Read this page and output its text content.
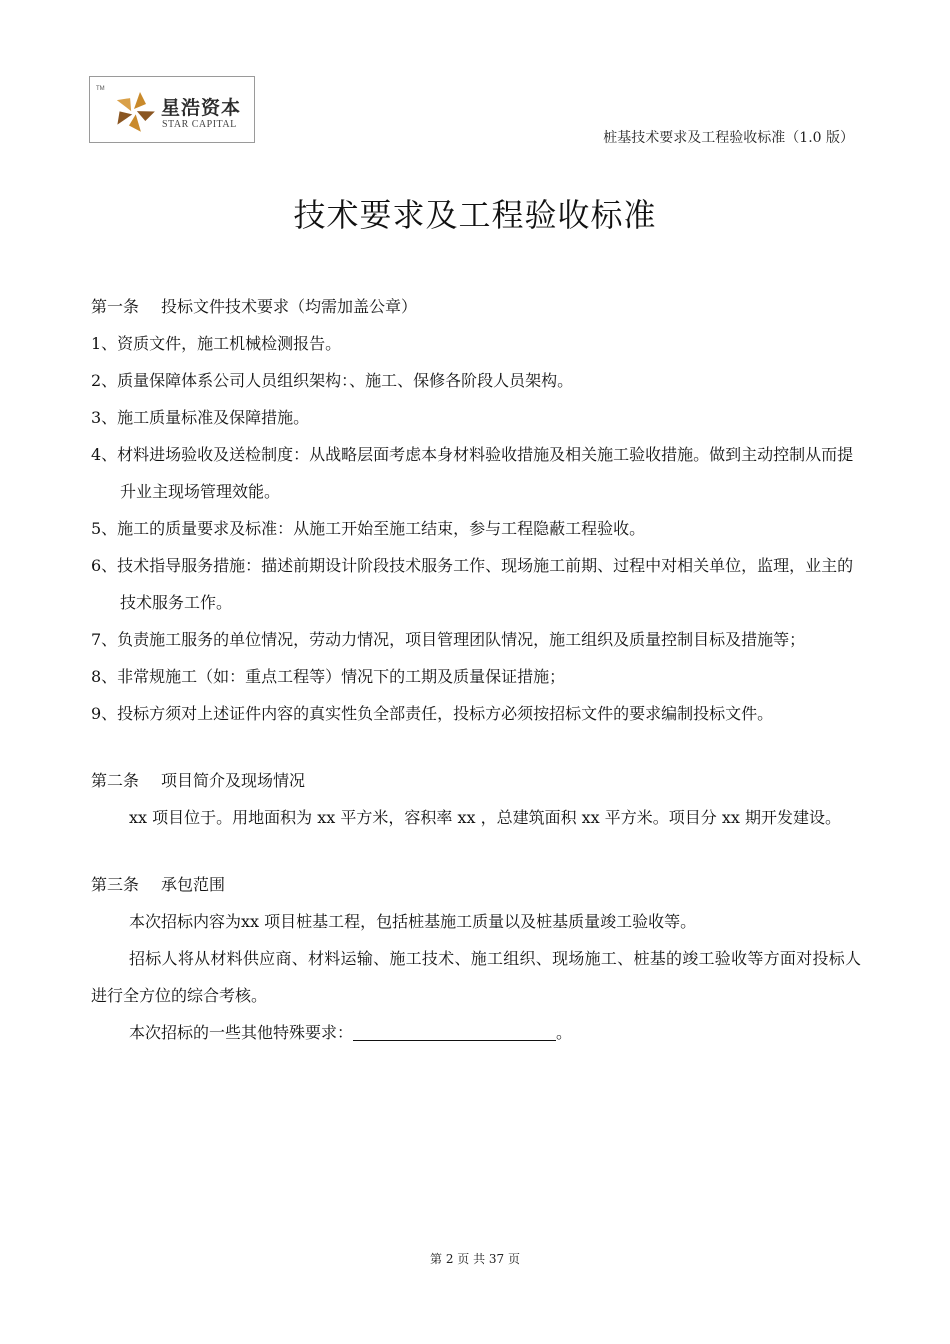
TM
星浩资本
STAR CAPITAL
桩基技术要求及工程验收标准（1.0 版）
技术要求及工程验收标准
第一条 投标文件技术要求（均需加盖公章）
1、资质文件，施工机械检测报告。
2、质量保障体系公司人员组织架构：、施工、保修各阶段人员架构。
3、施工质量标准及保障措施。
4、材料进场验收及送检制度：从战略层面考虑本身材料验收措施及相关施工验收措施。做到主动控制从而提升业主现场管理效能。
5、施工的质量要求及标准：从施工开始至施工结束，参与工程隐蔽工程验收。
6、技术指导服务措施：描述前期设计阶段技术服务工作、现场施工前期、过程中对相关单位，监理，业主的技术服务工作。
7、负责施工服务的单位情况，劳动力情况，项目管理团队情况，施工组织及质量控制目标及措施等；
8、非常规施工（如：重点工程等）情况下的工期及质量保证措施；
9、投标方须对上述证件内容的真实性负全部责任，投标方必须按招标文件的要求编制投标文件。
第二条 项目简介及现场情况
xx 项目位于。用地面积为 xx 平方米，容积率 xx ，总建筑面积 xx 平方米。项目分 xx 期开发建设。
第三条 承包范围
本次招标内容为xx 项目桩基工程，包括桩基施工质量以及桩基质量竣工验收等。
招标人将从材料供应商、材料运输、施工技术、施工组织、现场施工、桩基的竣工验收等方面对投标人进行全方位的综合考核。
本次招标的一些其他特殊要求：	。
第 2 页 共 37 页
